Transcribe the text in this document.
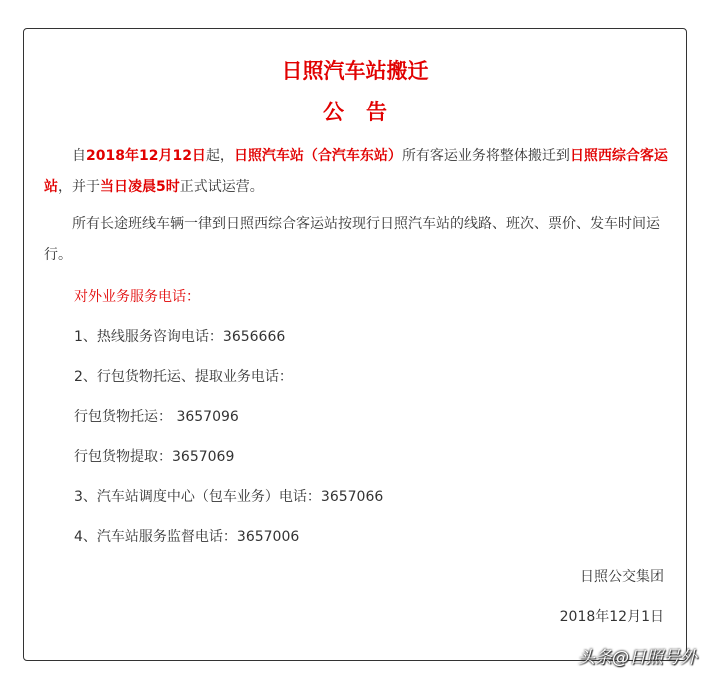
日照汽车站搬迁
公告

自2018年12月12日起，日照汽车站（合汽车东站）所有客运业务将整体搬迁到日照西综合客运站，并于当日凌晨5时正式试运营。

所有长途班线车辆一律到日照西综合客运站按现行日照汽车站的线路、班次、票价、发车时间运行。

对外业务服务电话：

1、热线服务咨询电话：3656666

2、行包货物托运、提取业务电话：

行包货物托运： 3657096

行包货物提取：3657069

3、汽车站调度中心（包车业务）电话：3657066

4、汽车站服务监督电话：3657006

日照公交集团

2018年12月1日

头条@日照号外
